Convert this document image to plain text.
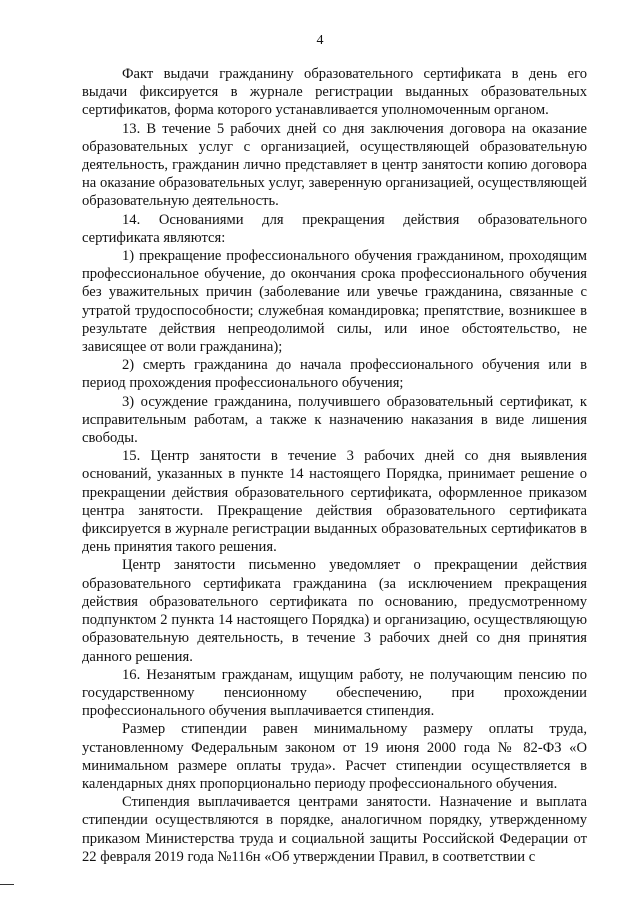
4

Факт выдачи гражданину образовательного сертификата в день его выдачи фиксируется в журнале регистрации выданных образовательных сертификатов, форма которого устанавливается уполномоченным органом.

13. В течение 5 рабочих дней со дня заключения договора на оказание образовательных услуг с организацией, осуществляющей образовательную деятельность, гражданин лично представляет в центр занятости копию договора на оказание образовательных услуг, заверенную организацией, осуществляющей образовательную деятельность.

14. Основаниями для прекращения действия образовательного сертификата являются:

1) прекращение профессионального обучения гражданином, проходящим профессиональное обучение, до окончания срока профессионального обучения без уважительных причин (заболевание или увечье гражданина, связанные с утратой трудоспособности; служебная командировка; препятствие, возникшее в результате действия непреодолимой силы, или иное обстоятельство, не зависящее от воли гражданина);

2) смерть гражданина до начала профессионального обучения или в период прохождения профессионального обучения;

3) осуждение гражданина, получившего образовательный сертификат, к исправительным работам, а также к назначению наказания в виде лишения свободы.

15. Центр занятости в течение 3 рабочих дней со дня выявления оснований, указанных в пункте 14 настоящего Порядка, принимает решение о прекращении действия образовательного сертификата, оформленное приказом центра занятости. Прекращение действия образовательного сертификата фиксируется в журнале регистрации выданных образовательных сертификатов в день принятия такого решения.

Центр занятости письменно уведомляет о прекращении действия образовательного сертификата гражданина (за исключением прекращения действия образовательного сертификата по основанию, предусмотренному подпунктом 2 пункта 14 настоящего Порядка) и организацию, осуществляющую образовательную деятельность, в течение 3 рабочих дней со дня принятия данного решения.

16. Незанятым гражданам, ищущим работу, не получающим пенсию по государственному пенсионному обеспечению, при прохождении профессионального обучения выплачивается стипендия.

Размер стипендии равен минимальному размеру оплаты труда, установленному Федеральным законом от 19 июня 2000 года № 82-ФЗ «О минимальном размере оплаты труда». Расчет стипендии осуществляется в календарных днях пропорционально периоду профессионального обучения.

Стипендия выплачивается центрами занятости. Назначение и выплата стипендии осуществляются в порядке, аналогичном порядку, утвержденному приказом Министерства труда и социальной защиты Российской Федерации от 22 февраля 2019 года №116н «Об утверждении Правил, в соответствии с
